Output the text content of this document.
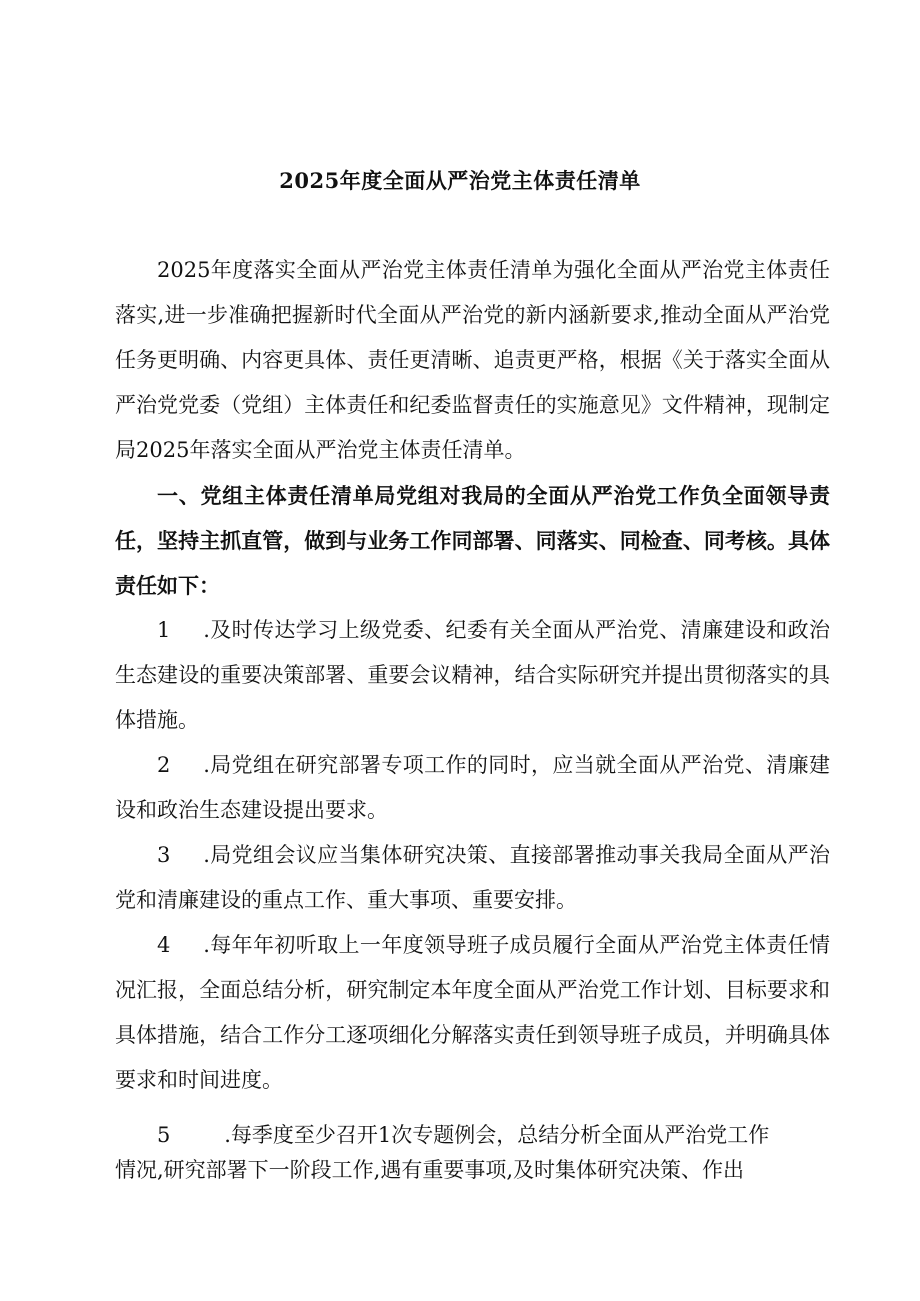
2025年度全面从严治党主体责任清单

2025年度落实全面从严治党主体责任清单为强化全面从严治党主体责任落实,进一步准确把握新时代全面从严治党的新内涵新要求,推动全面从严治党任务更明确、内容更具体、责任更清晰、追责更严格，根据《关于落实全面从严治党党委（党组）主体责任和纪委监督责任的实施意见》文件精神，现制定局2025年落实全面从严治党主体责任清单。

一、党组主体责任清单局党组对我局的全面从严治党工作负全面领导责任，坚持主抓直管，做到与业务工作同部署、同落实、同检查、同考核。具体责任如下：

1 .及时传达学习上级党委、纪委有关全面从严治党、清廉建设和政治生态建设的重要决策部署、重要会议精神，结合实际研究并提出贯彻落实的具体措施。

2 .局党组在研究部署专项工作的同时，应当就全面从严治党、清廉建设和政治生态建设提出要求。

3 .局党组会议应当集体研究决策、直接部署推动事关我局全面从严治党和清廉建设的重点工作、重大事项、重要安排。

4 .每年年初听取上一年度领导班子成员履行全面从严治党主体责任情况汇报，全面总结分析，研究制定本年度全面从严治党工作计划、目标要求和具体措施，结合工作分工逐项细化分解落实责任到领导班子成员，并明确具体要求和时间进度。

5	.每季度至少召开1次专题例会，总结分析全面从严治党工作

情况,研究部署下一阶段工作,遇有重要事项,及时集体研究决策、作出
